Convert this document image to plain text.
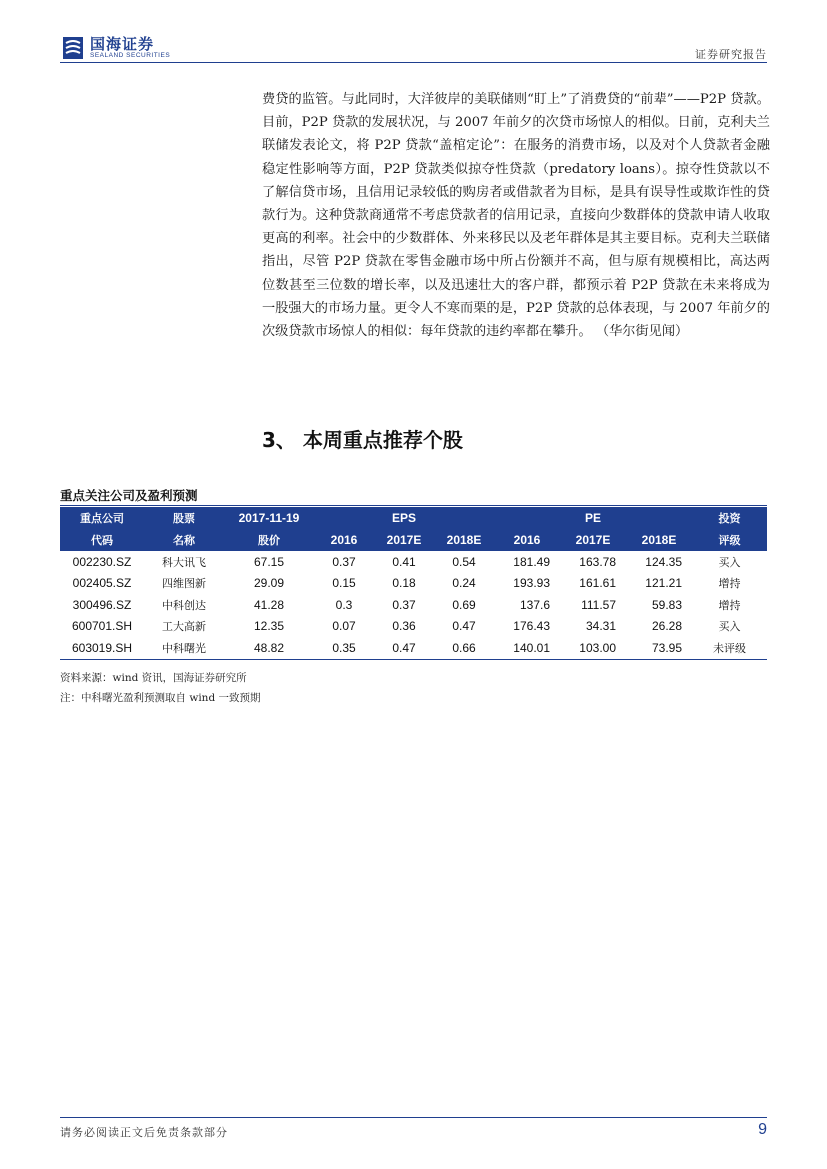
国海证券
SEALAND SECURITIES	证券研究报告

费贷的监管。与此同时，大洋彼岸的美联储则“盯上”了消费贷的“前辈”——P2P 贷款。目前，P2P 贷款的发展状况，与 2007 年前夕的次贷市场惊人的相似。日前，克利夫兰联储发表论文，将 P2P 贷款“盖棺定论”：在服务的消费市场，以及对个人贷款者金融稳定性影响等方面，P2P 贷款类似掠夺性贷款（predatory loans）。掠夺性贷款以不了解信贷市场，且信用记录较低的购房者或借款者为目标，是具有误导性或欺诈性的贷款行为。这种贷款商通常不考虑贷款者的信用记录，直接向少数群体的贷款申请人收取更高的利率。社会中的少数群体、外来移民以及老年群体是其主要目标。克利夫兰联储指出，尽管 P2P 贷款在零售金融市场中所占份额并不高，但与原有规模相比，高达两位数甚至三位数的增长率，以及迅速壮大的客户群，都预示着 P2P 贷款在未来将成为一股强大的市场力量。更令人不寒而栗的是，P2P 贷款的总体表现，与 2007 年前夕的次级贷款市场惊人的相似：每年贷款的违约率都在攀升。 （华尔街见闻）

3、 本周重点推荐个股
重点关注公司及盈利预测
重点公司	股票	2017-11-19		EPS			PE		投资
代码	名称	股价	2016	2017E	2018E	2016	2017E	2018E	评级
002230.SZ	科大讯飞	67.15	0.37	0.41	0.54	181.49	163.78	124.35	买入
002405.SZ	四维图新	29.09	0.15	0.18	0.24	193.93	161.61	121.21	增持
300496.SZ	中科创达	41.28	0.3	0.37	0.69	137.6	111.57	59.83	增持
600701.SH	工大高新	12.35	0.07	0.36	0.47	176.43	34.31	26.28	买入
603019.SH	中科曙光	48.82	0.35	0.47	0.66	140.01	103.00	73.95	未评级
资料来源：wind 资讯，国海证券研究所
注：中科曙光盈利预测取自 wind 一致预期
请务必阅读正文后免责条款部分	9
